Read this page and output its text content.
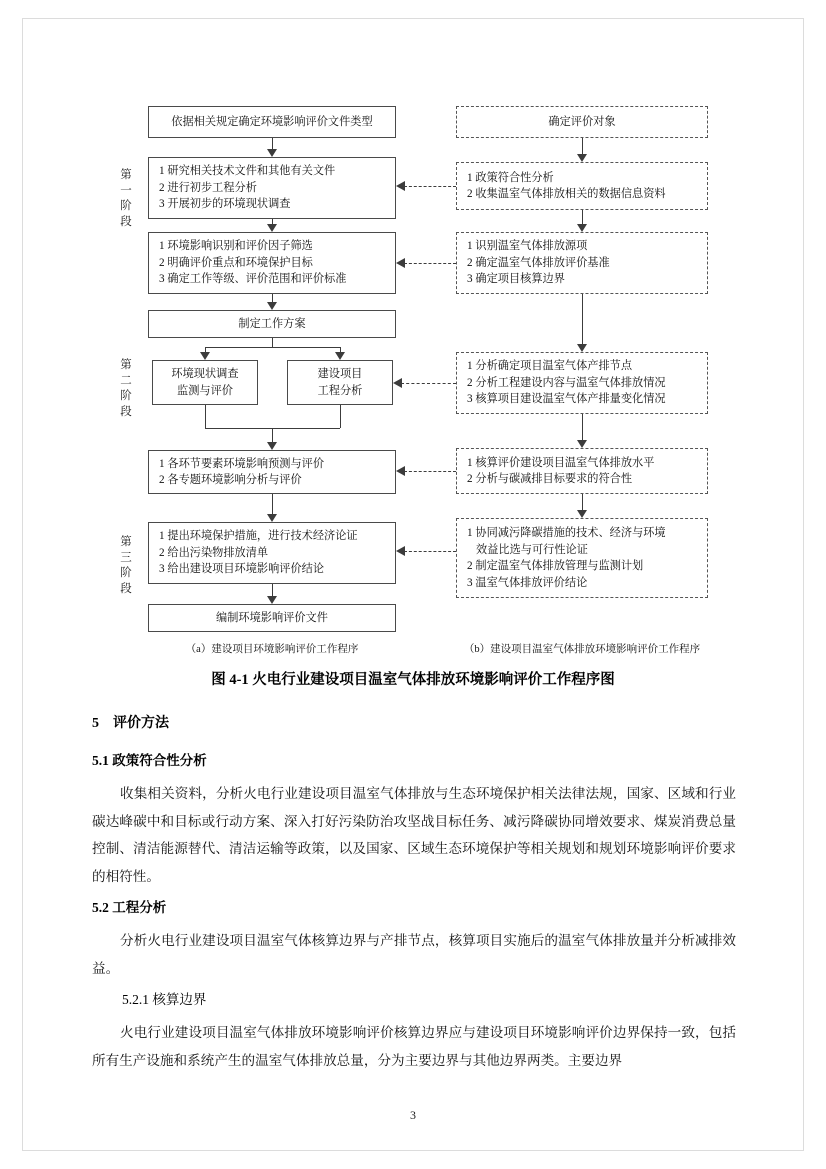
第
一
阶
段
第
二
阶
段
第
三
阶
段
依据相关规定确定环境影响评价文件类型
1 研究相关技术文件和其他有关文件
2 进行初步工程分析
3 开展初步的环境现状调查
1 环境影响识别和评价因子筛选
2 明确评价重点和环境保护目标
3 确定工作等级、评价范围和评价标准
制定工作方案
环境现状调查
监测与评价
建设项目
工程分析
1 各环节要素环境影响预测与评价
2 各专题环境影响分析与评价
1 提出环境保护措施，进行技术经济论证
2 给出污染物排放清单
3 给出建设项目环境影响评价结论
编制环境影响评价文件
确定评价对象
1 政策符合性分析
2 收集温室气体排放相关的数据信息资料
1 识别温室气体排放源项
2 确定温室气体排放评价基准
3 确定项目核算边界
1 分析确定项目温室气体产排节点
2 分析工程建设内容与温室气体排放情况
3 核算项目建设温室气体产排量变化情况
1 核算评价建设项目温室气体排放水平
2 分析与碳减排目标要求的符合性
1 协同减污降碳措施的技术、经济与环境
效益比选与可行性论证
2 制定温室气体排放管理与监测计划
3 温室气体排放评价结论
（a）建设项目环境影响评价工作程序	（b）建设项目温室气体排放环境影响评价工作程序
图 4-1 火电行业建设项目温室气体排放环境影响评价工作程序图
5　评价方法
5.1 政策符合性分析
收集相关资料，分析火电行业建设项目温室气体排放与生态环境保护相关法律法规，国家、区域和行业碳达峰碳中和目标或行动方案、深入打好污染防治攻坚战目标任务、减污降碳协同增效要求、煤炭消费总量控制、清洁能源替代、清洁运输等政策，以及国家、区域生态环境保护等相关规划和规划环境影响评价要求的相符性。
5.2 工程分析
分析火电行业建设项目温室气体核算边界与产排节点，核算项目实施后的温室气体排放量并分析减排效益。
5.2.1 核算边界
火电行业建设项目温室气体排放环境影响评价核算边界应与建设项目环境影响评价边界保持一致，包括所有生产设施和系统产生的温室气体排放总量，分为主要边界与其他边界两类。主要边界
3
